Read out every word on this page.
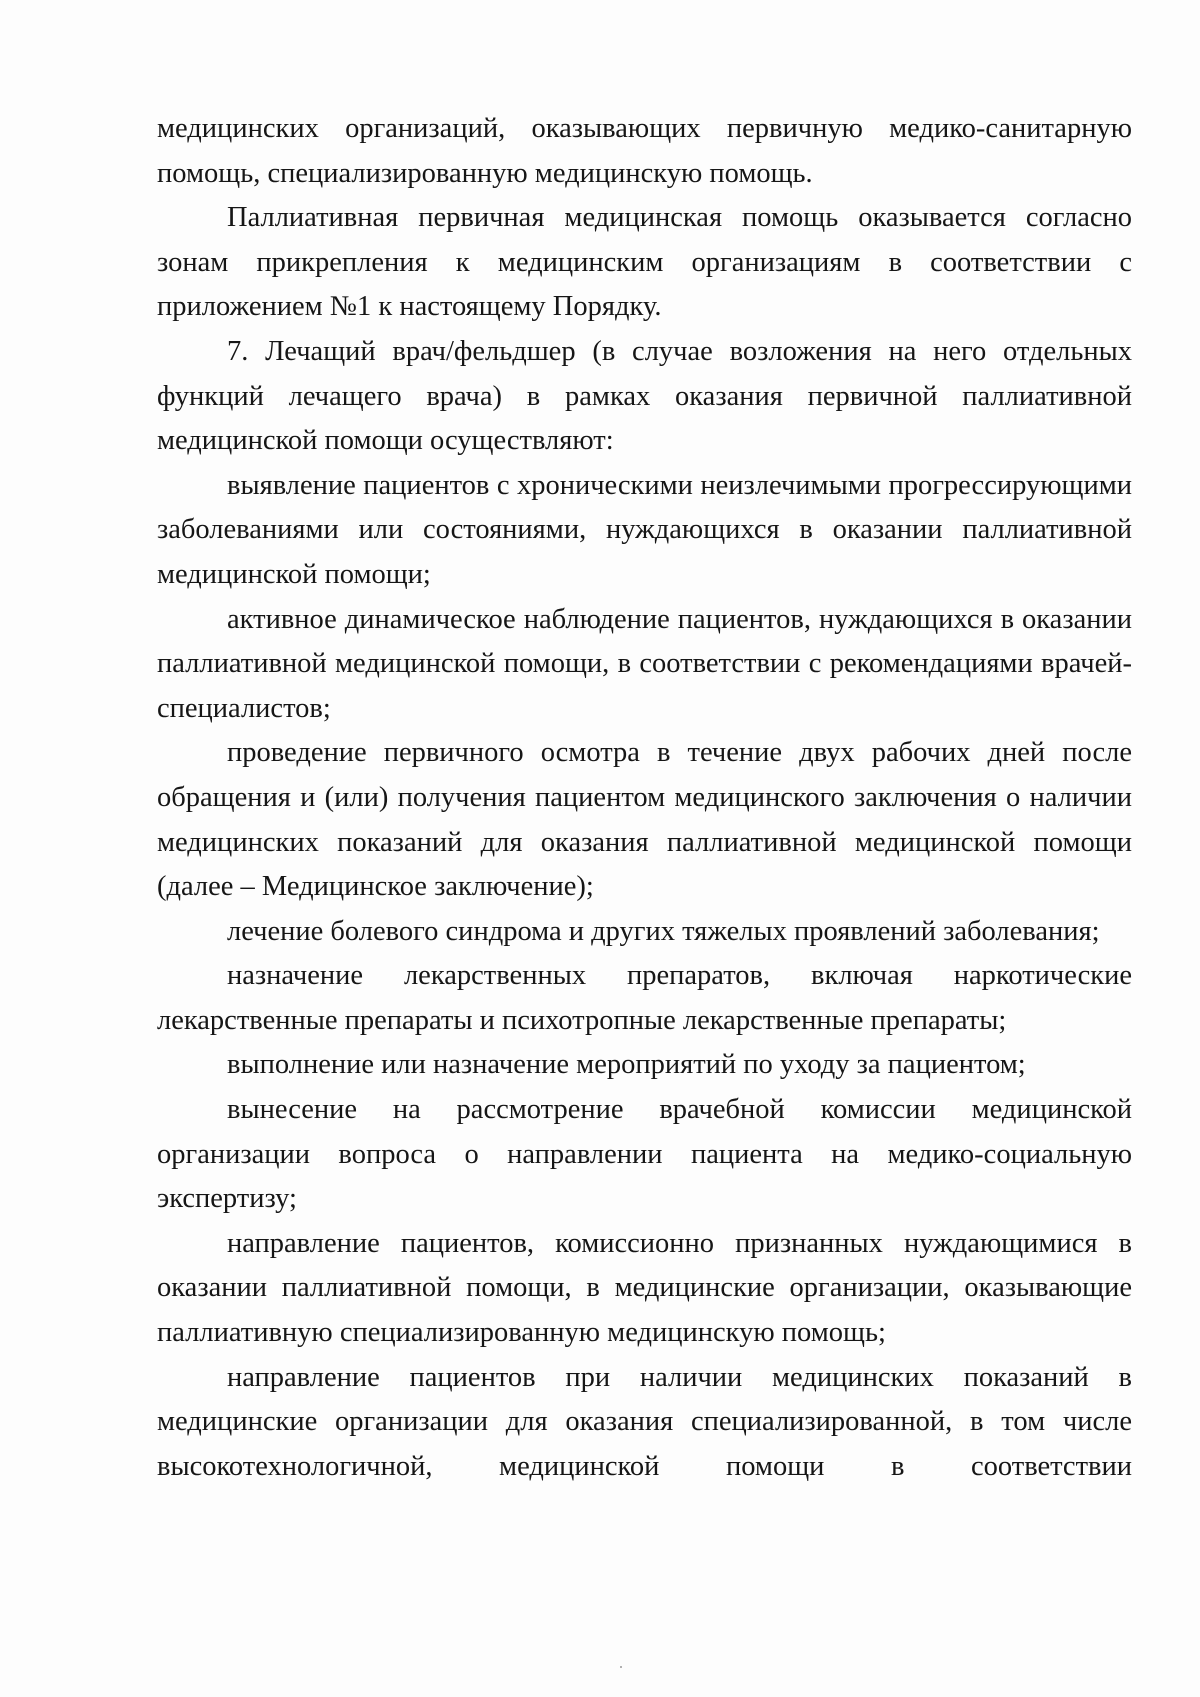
медицинских организаций, оказывающих первичную медико-санитарную помощь, специализированную медицинскую помощь.

Паллиативная первичная медицинская помощь оказывается согласно зонам прикрепления к медицинским организациям в соответствии с приложением №1 к настоящему Порядку.

7. Лечащий врач/фельдшер (в случае возложения на него отдельных функций лечащего врача) в рамках оказания первичной паллиативной медицинской помощи осуществляют:

выявление пациентов с хроническими неизлечимыми прогрессирующими заболеваниями или состояниями, нуждающихся в оказании паллиативной медицинской помощи;

активное динамическое наблюдение пациентов, нуждающихся в оказании паллиативной медицинской помощи, в соответствии с рекомендациями врачей-специалистов;

проведение первичного осмотра в течение двух рабочих дней после обращения и (или) получения пациентом медицинского заключения о наличии медицинских показаний для оказания паллиативной медицинской помощи (далее – Медицинское заключение);

лечение болевого синдрома и других тяжелых проявлений заболевания;

назначение лекарственных препаратов, включая наркотические лекарственные препараты и психотропные лекарственные препараты;

выполнение или назначение мероприятий по уходу за пациентом;

вынесение на рассмотрение врачебной комиссии медицинской организации вопроса о направлении пациента на медико-социальную экспертизу;

направление пациентов, комиссионно признанных нуждающимися в оказании паллиативной помощи, в медицинские организации, оказывающие паллиативную специализированную медицинскую помощь;

направление пациентов при наличии медицинских показаний в медицинские организации для оказания специализированной, в том числе высокотехнологичной, медицинской помощи в соответствии
